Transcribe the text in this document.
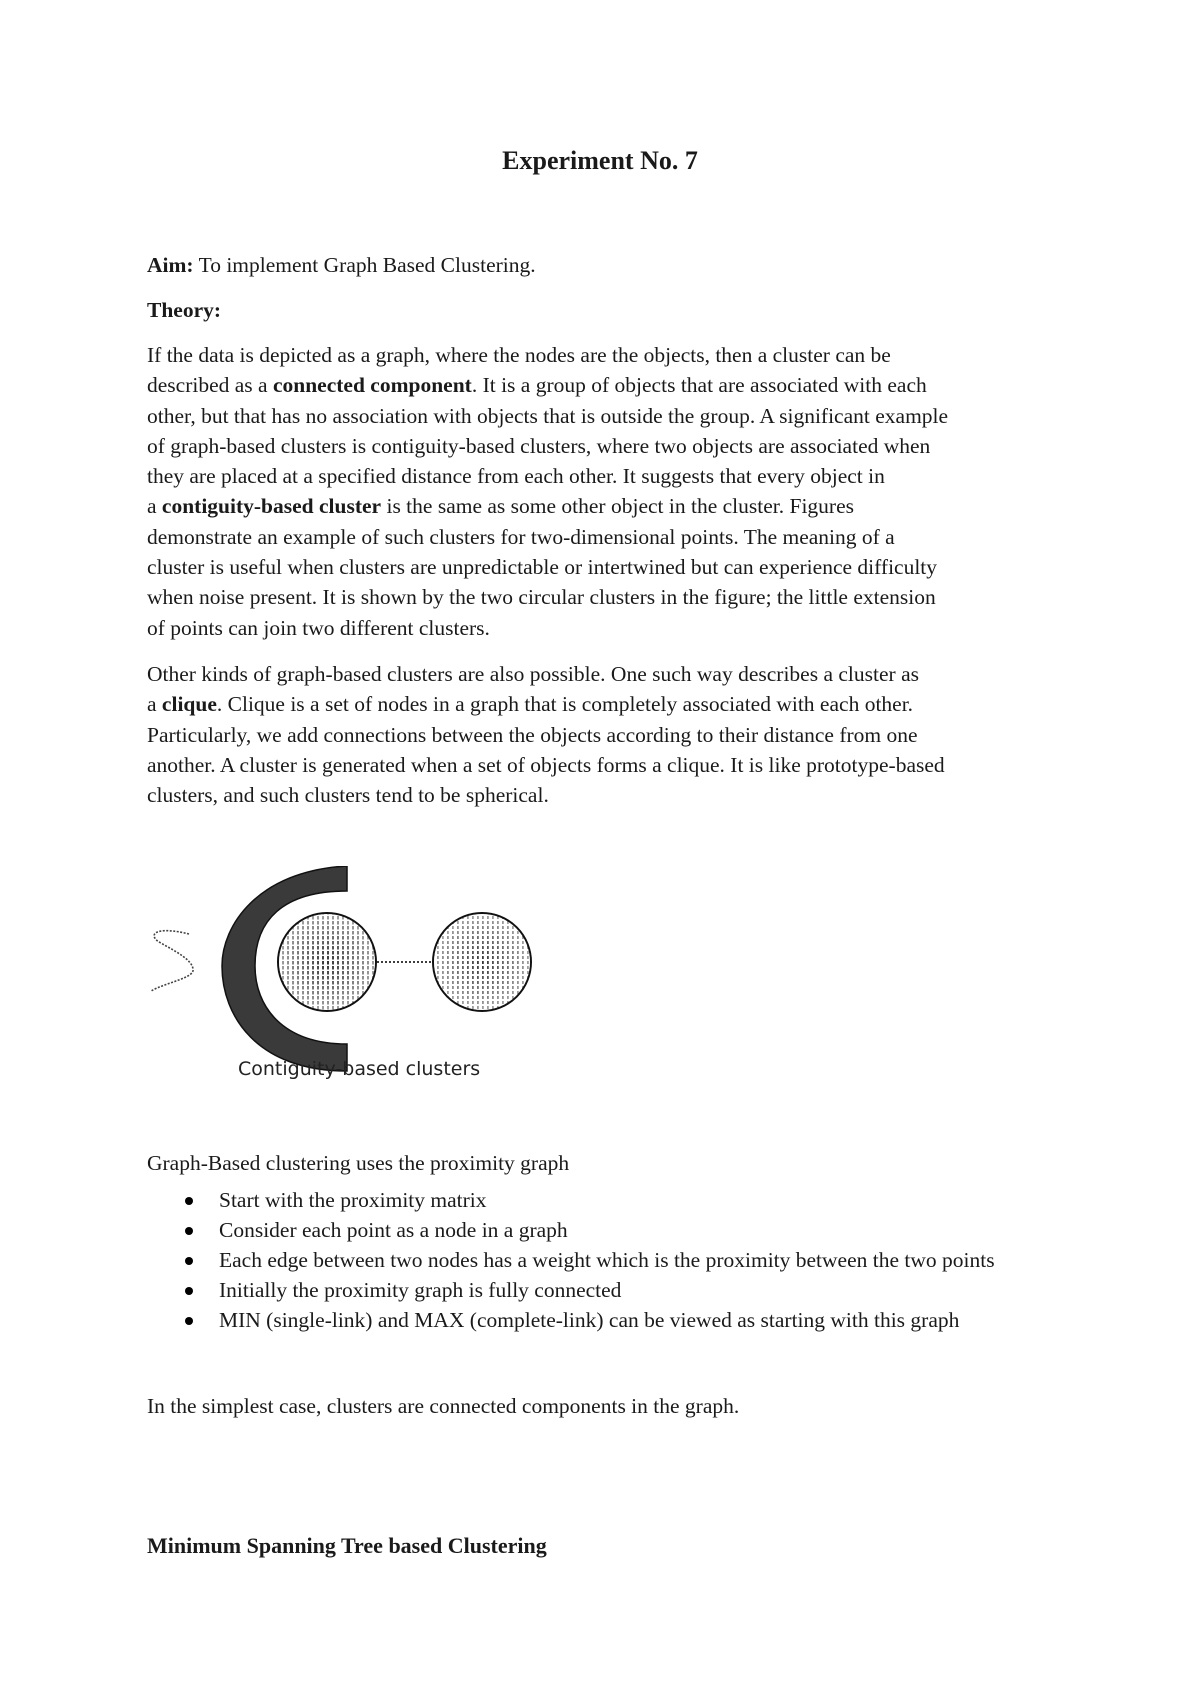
Experiment No. 7
Aim: To implement Graph Based Clustering.
Theory:
If the data is depicted as a graph, where the nodes are the objects, then a cluster can be
described as a connected component. It is a group of objects that are associated with each
other, but that has no association with objects that is outside the group. A significant example
of graph-based clusters is contiguity-based clusters, where two objects are associated when
they are placed at a specified distance from each other. It suggests that every object in
a contiguity-based cluster is the same as some other object in the cluster. Figures
demonstrate an example of such clusters for two-dimensional points. The meaning of a
cluster is useful when clusters are unpredictable or intertwined but can experience difficulty
when noise present. It is shown by the two circular clusters in the figure; the little extension
of points can join two different clusters.
Other kinds of graph-based clusters are also possible. One such way describes a cluster as
a clique. Clique is a set of nodes in a graph that is completely associated with each other.
Particularly, we add connections between the objects according to their distance from one
another. A cluster is generated when a set of objects forms a clique. It is like prototype-based
clusters, and such clusters tend to be spherical.
Contiguity-based clusters
Graph-Based clustering uses the proximity graph
Start with the proximity matrix
Consider each point as a node in a graph
Each edge between two nodes has a weight which is the proximity between the two points
Initially the proximity graph is fully connected
MIN (single-link) and MAX (complete-link) can be viewed as starting with this graph
In the simplest case, clusters are connected components in the graph.
Minimum Spanning Tree based Clustering
